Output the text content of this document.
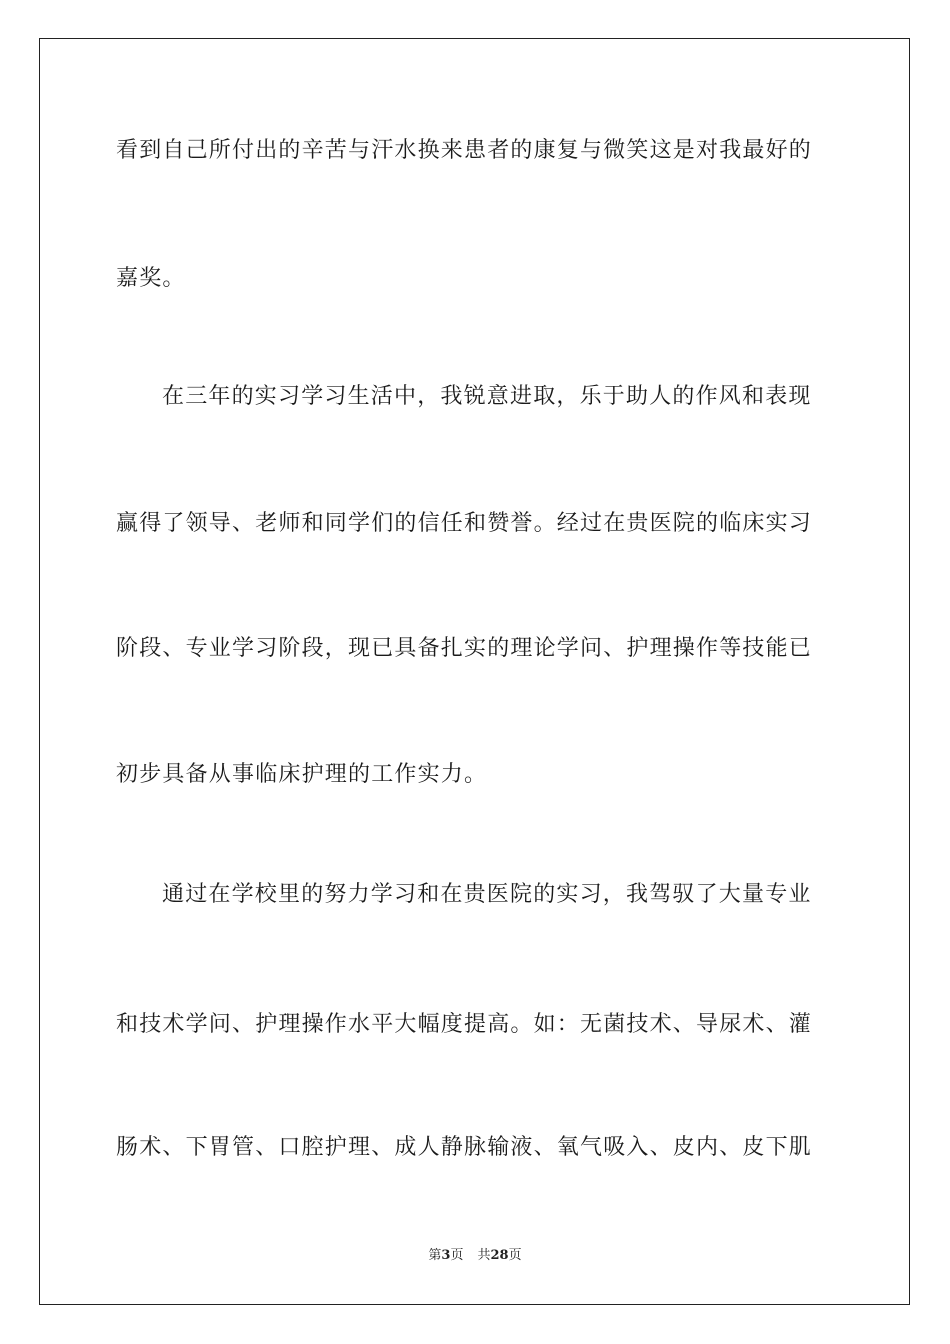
看到自己所付出的辛苦与汗水换来患者的康复与微笑这是对我最好的
嘉奖。
在三年的实习学习生活中，我锐意进取，乐于助人的作风和表现
赢得了领导、老师和同学们的信任和赞誉。经过在贵医院的临床实习
阶段、专业学习阶段，现已具备扎实的理论学问、护理操作等技能已
初步具备从事临床护理的工作实力。
通过在学校里的努力学习和在贵医院的实习，我驾驭了大量专业
和技术学问、护理操作水平大幅度提高。如：无菌技术、导尿术、灌
肠术、下胃管、口腔护理、成人静脉输液、氧气吸入、皮内、皮下肌
第3页 共28页
